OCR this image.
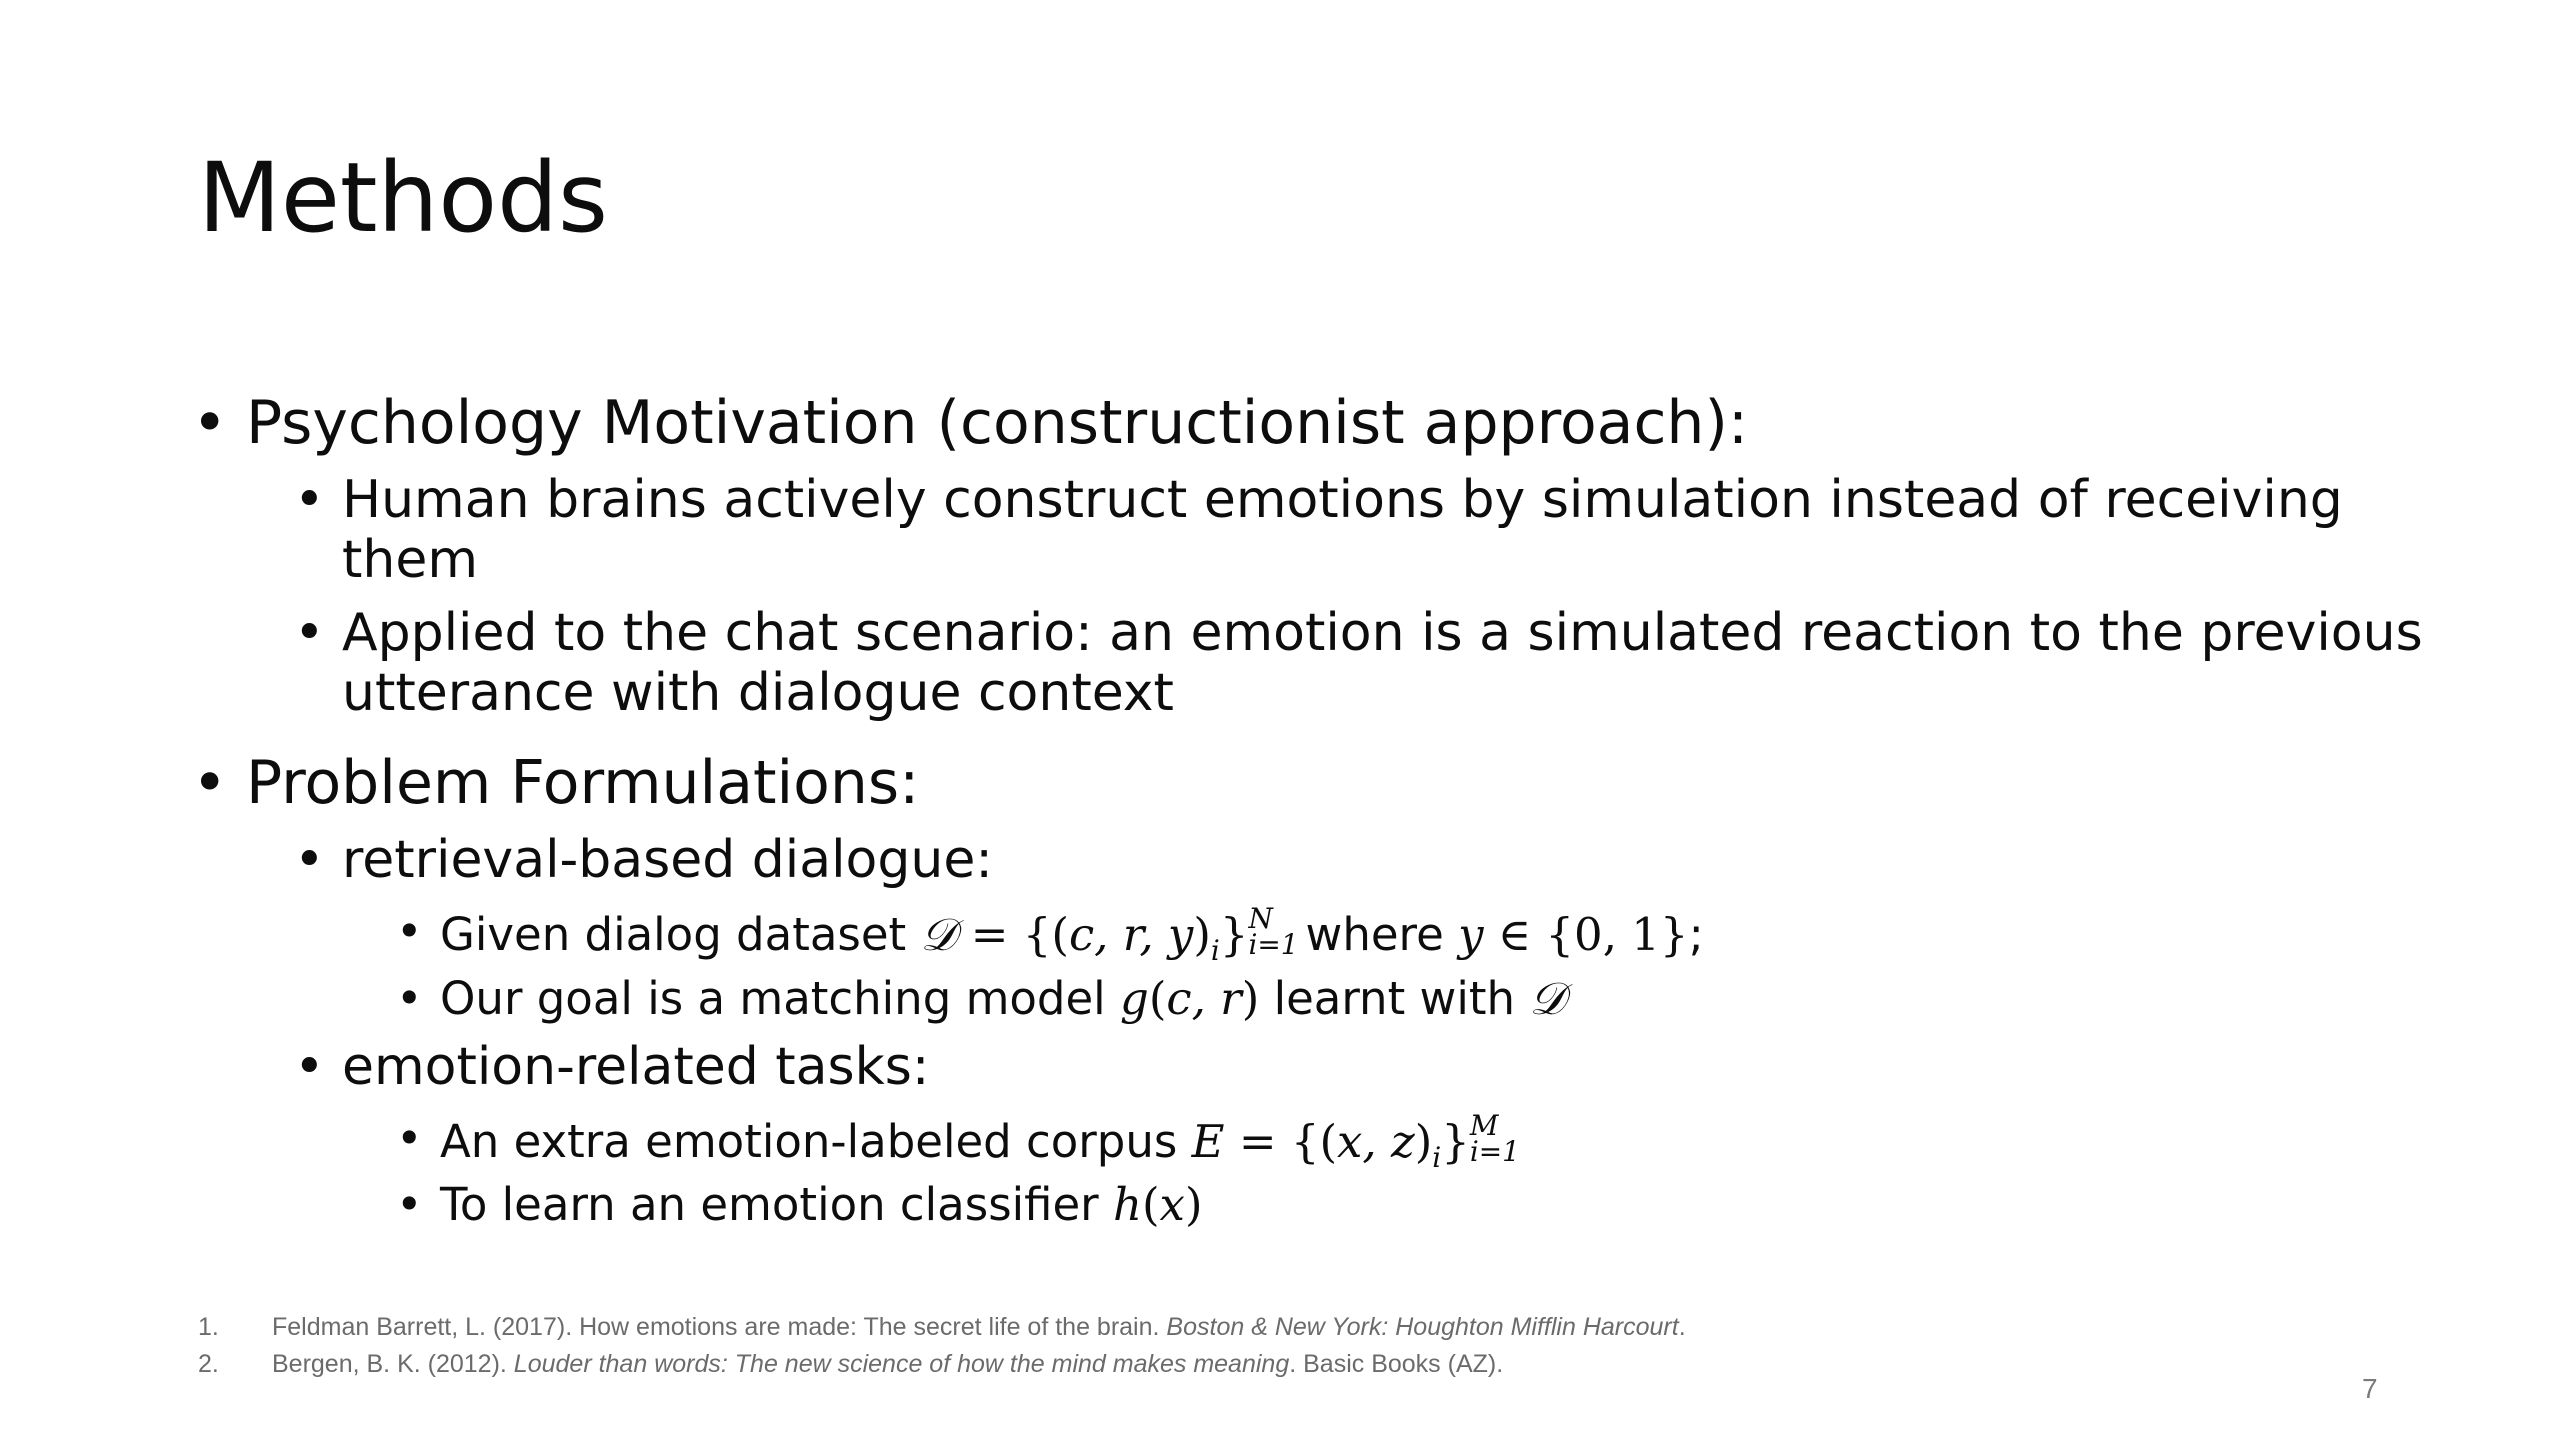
Methods
• Psychology Motivation (constructionist approach):
• Human brains actively construct emotions by simulation instead of receiving
them
• Applied to the chat scenario: an emotion is a simulated reaction to the previous
utterance with dialogue context
• Problem Formulations:
• retrieval-based dialogue:
• Given dialog dataset 𝒟 = {(c, r, $y)_i$} N
i=1 where y ∈ {0, 1};
• Our goal is a matching model g(c, r) learnt with 𝒟
• emotion-related tasks:
• An extra emotion-labeled corpus E = {(x, $z)_i$} M
i=1
• To learn an emotion classifier h(x)
1. Feldman Barrett, L. (2017). How emotions are made: The secret life of the brain. Boston & New York: Houghton Mifflin Harcourt.
2. Bergen, B. K. (2012). Louder than words: The new science of how the mind makes meaning. Basic Books (AZ).
7
